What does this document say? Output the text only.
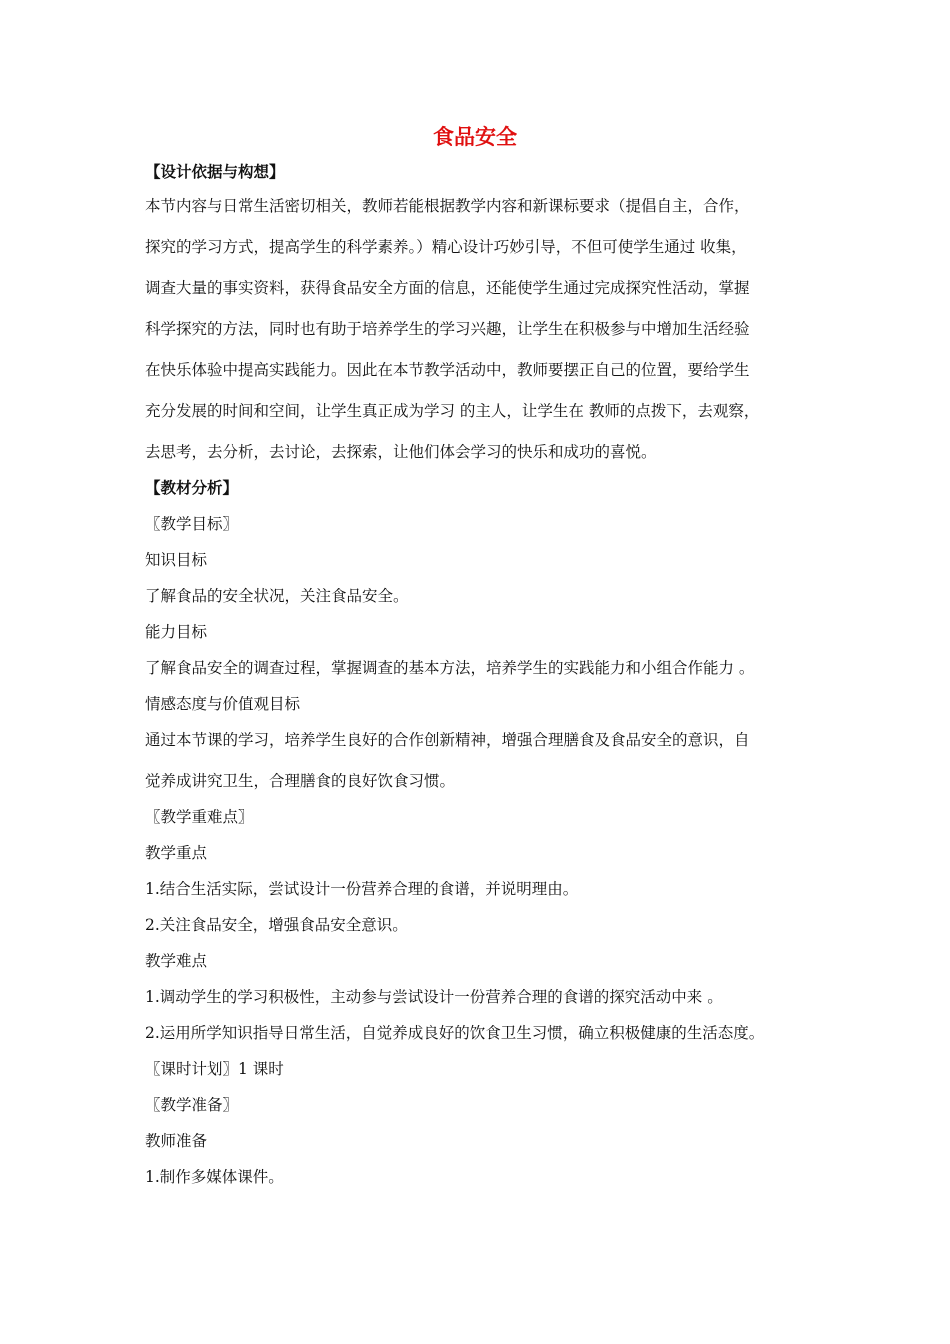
食品安全
【设计依据与构想】
本节内容与日常生活密切相关，教师若能根据教学内容和新课标要求（提倡自主，合作，
探究的学习方式，提高学生的科学素养。）精心设计巧妙引导，不但可使学生通过 收集，
调查大量的事实资料，获得食品安全方面的信息，还能使学生通过完成探究性活动，掌握
科学探究的方法，同时也有助于培养学生的学习兴趣，让学生在积极参与中增加生活经验
在快乐体验中提高实践能力。因此在本节教学活动中，教师要摆正自己的位置，要给学生
充分发展的时间和空间，让学生真正成为学习 的主人，让学生在 教师的点拨下，去观察，
去思考，去分析，去讨论，去探索，让他们体会学习的快乐和成功的喜悦。
【教材分析】
〖教学目标〗
知识目标
了解食品的安全状况，关注食品安全。
能力目标
了解食品安全的调查过程，掌握调查的基本方法，培养学生的实践能力和小组合作能力 。
情感态度与价值观目标
通过本节课的学习，培养学生良好的合作创新精神，增强合理膳食及食品安全的意识，自
觉养成讲究卫生，合理膳食的良好饮食习惯。
〖教学重难点〗
教学重点
1.结合生活实际，尝试设计一份营养合理的食谱，并说明理由。
2.关注食品安全，增强食品安全意识。
教学难点
1.调动学生的学习积极性，主动参与尝试设计一份营养合理的食谱的探究活动中来 。
2.运用所学知识指导日常生活，自觉养成良好的饮食卫生习惯，确立积极健康的生活态度。
〖课时计划〗1 课时
〖教学准备〗
教师准备
1.制作多媒体课件。
